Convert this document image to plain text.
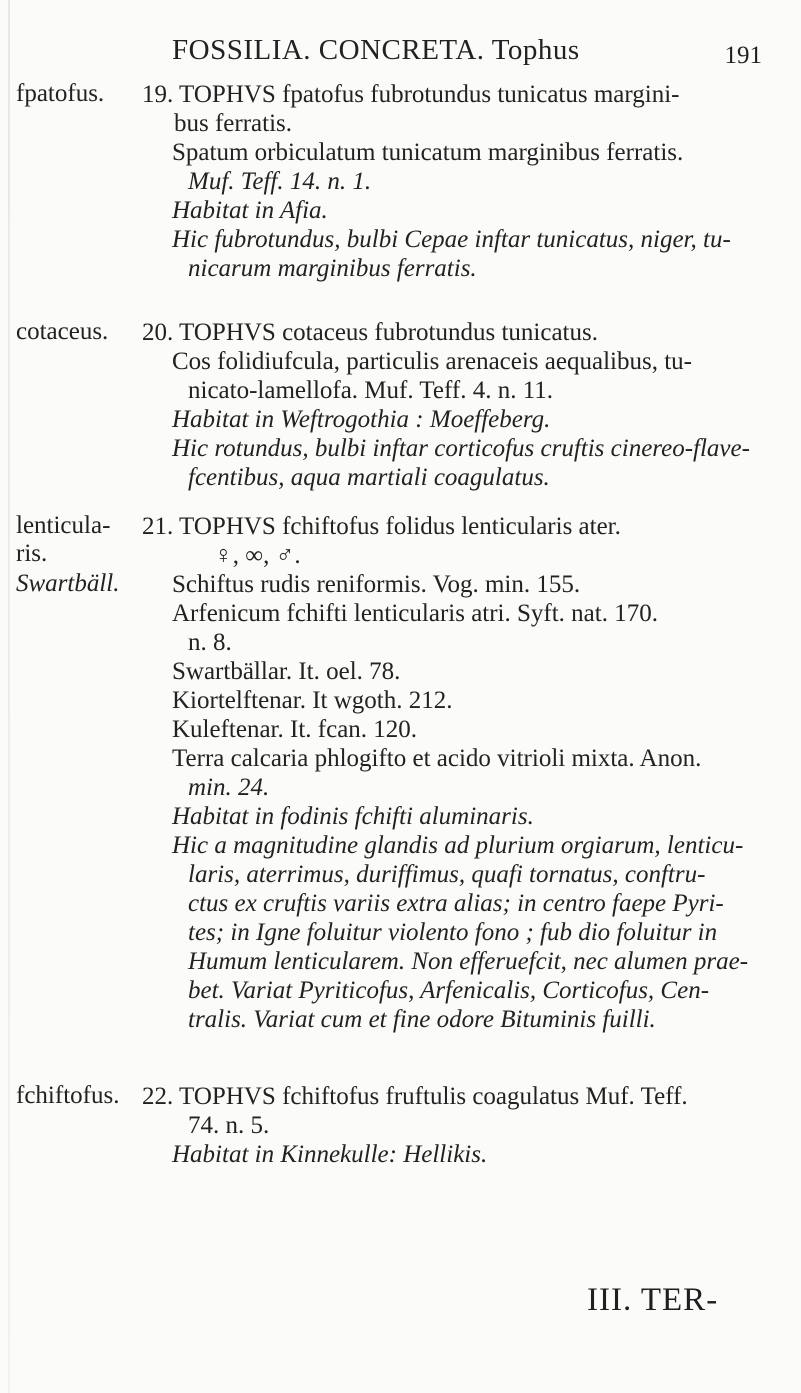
FOSSILIA. CONCRETA. Tophus	191
fpatofus. 19. TOPHVS fpatofus fubrotundus tunicatus margini-

bus ferratis.

Spatum orbiculatum tunicatum marginibus ferratis.

Muf. Teff. 14. n. 1.

Habitat in Afia.

Hic fubrotundus, bulbi Cepae inftar tunicatus, niger, tu-

nicarum marginibus ferratis.

cotaceus. 20. TOPHVS cotaceus fubrotundus tunicatus.

Cos folidiufcula, particulis arenaceis aequalibus, tu-

nicato-lamellofa. Muf. Teff. 4. n. 11.

Habitat in Weftrogothia : Moeffeberg.

Hic rotundus, bulbi inftar corticofus cruftis cinereo-flave-

fcentibus, aqua martiali coagulatus.

lenticula-
ris.
Swartbäll.

21. TOPHVS fchiftofus folidus lenticularis ater.

♀, ∞, ♂.

Schiftus rudis reniformis. Vog. min. 155.

Arfenicum fchifti lenticularis atri. Syft. nat. 170.

n. 8.

Swartbällar. It. oel. 78.

Kiortelftenar. It wgoth. 212.

Kuleftenar. It. fcan. 120.

Terra calcaria phlogifto et acido vitrioli mixta. Anon.

min. 24.

Habitat in fodinis fchifti aluminaris.

Hic a magnitudine glandis ad plurium orgiarum, lenticu-

laris, aterrimus, duriffimus, quafi tornatus, conftru-

ctus ex cruftis variis extra alias; in centro faepe Pyri-

tes; in Igne foluitur violento fono ; fub dio foluitur in

Humum lenticularem. Non efferuefcit, nec alumen prae-

bet. Variat Pyriticofus, Arfenicalis, Corticofus, Cen-

tralis. Variat cum et fine odore Bituminis fuilli.

fchiftofus. 22. TOPHVS fchiftofus fruftulis coagulatus Muf. Teff.

74. n. 5.

Habitat in Kinnekulle: Hellikis.

III. TER-
